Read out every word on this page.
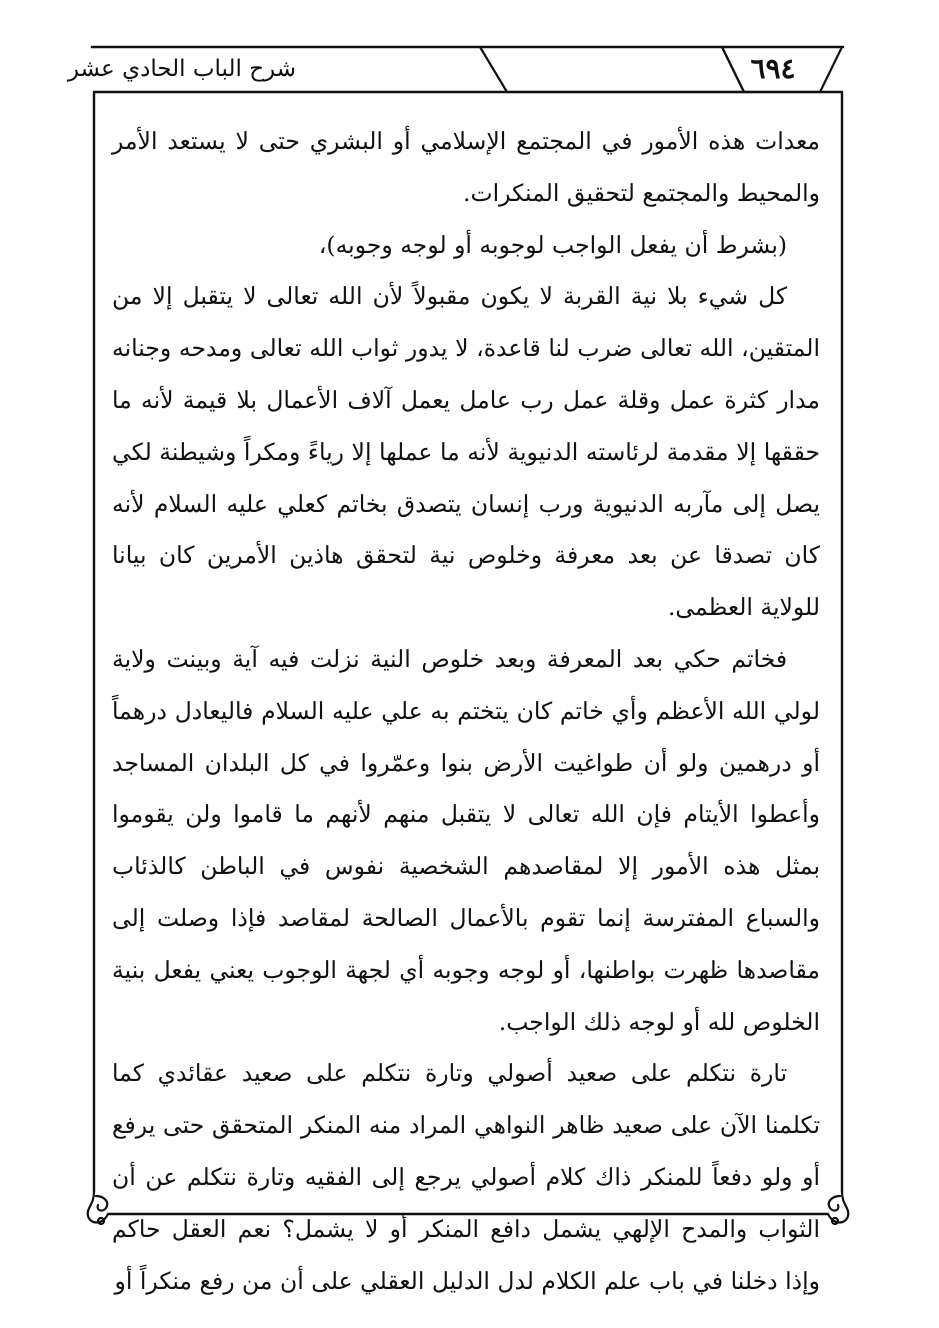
٦٩٤
شرح الباب الحادي عشر

معدات هذه الأمور في المجتمع الإسلامي أو البشري حتى لا يستعد الأمر والمحيط والمجتمع لتحقيق المنكرات.

(بشرط أن يفعل الواجب لوجوبه أو لوجه وجوبه)،

كل شيء بلا نية القربة لا يكون مقبولاً لأن الله تعالى لا يتقبل إلا من المتقين، الله تعالى ضرب لنا قاعدة، لا يدور ثواب الله تعالى ومدحه وجنانه مدار كثرة عمل وقلة عمل رب عامل يعمل آلاف الأعمال بلا قيمة لأنه ما حققها إلا مقدمة لرئاسته الدنيوية لأنه ما عملها إلا رياءً ومكراً وشيطنة لكي يصل إلى مآربه الدنيوية ورب إنسان يتصدق بخاتم كعلي عليه السلام لأنه كان تصدقا عن بعد معرفة وخلوص نية لتحقق هاذين الأمرين كان بيانا للولاية العظمى.

فخاتم حكي بعد المعرفة وبعد خلوص النية نزلت فيه آية وبينت ولاية لولي الله الأعظم وأي خاتم كان يتختم به علي عليه السلام فاليعادل درهماً أو درهمين ولو أن طواغيت الأرض بنوا وعمّروا في كل البلدان المساجد وأعطوا الأيتام فإن الله تعالى لا يتقبل منهم لأنهم ما قاموا ولن يقوموا بمثل هذه الأمور إلا لمقاصدهم الشخصية نفوس في الباطن كالذئاب والسباع المفترسة إنما تقوم بالأعمال الصالحة لمقاصد فإذا وصلت إلى مقاصدها ظهرت بواطنها، أو لوجه وجوبه أي لجهة الوجوب يعني يفعل بنية الخلوص لله أو لوجه ذلك الواجب.

تارة نتكلم على صعيد أصولي وتارة نتكلم على صعيد عقائدي كما تكلمنا الآن على صعيد ظاهر النواهي المراد منه المنكر المتحقق حتى يرفع أو ولو دفعاً للمنكر ذاك كلام أصولي يرجع إلى الفقيه وتارة نتكلم عن أن الثواب والمدح الإلهي يشمل دافع المنكر أو لا يشمل؟ نعم العقل حاكم وإذا دخلنا في باب علم الكلام لدل الدليل العقلي على أن من رفع منكراً أو
